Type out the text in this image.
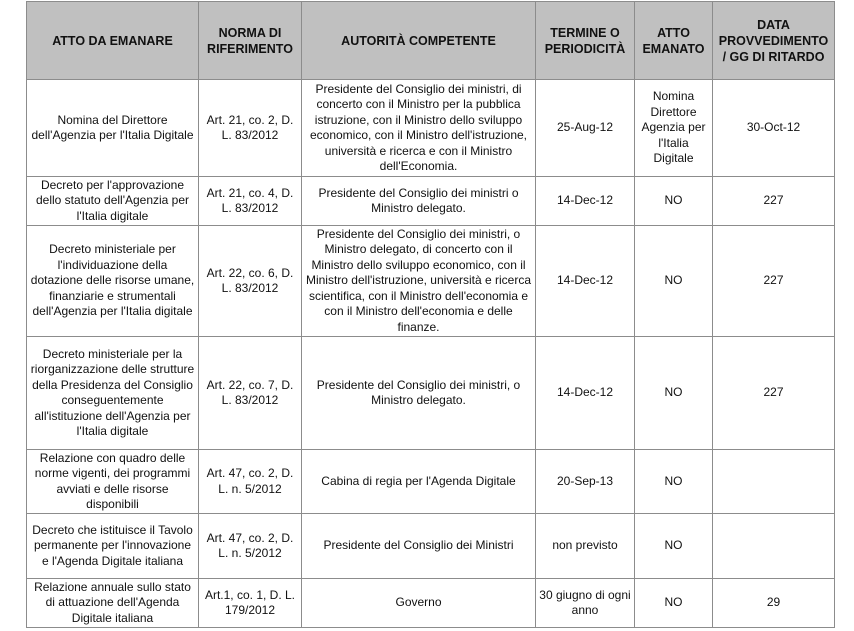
ATTO DA EMANARE	NORMA DI RIFERIMENTO	AUTORITÀ COMPETENTE	TERMINE O PERIODICITÀ	ATTO EMANATO	DATA PROVVEDIMENTO / GG DI RITARDO
Nomina del Direttore dell'Agenzia per l'Italia Digitale	Art. 21, co. 2, D. L. 83/2012	Presidente del Consiglio dei ministri, di concerto con il Ministro per la pubblica istruzione, con il Ministro dello sviluppo economico, con il Ministro dell'istruzione, università e ricerca e con il Ministro dell'Economia.	25-Aug-12	Nomina Direttore Agenzia per l'Italia Digitale	30-Oct-12
Decreto per l'approvazione dello statuto dell'Agenzia per l'Italia digitale	Art. 21, co. 4, D. L. 83/2012	Presidente del Consiglio dei ministri o Ministro delegato.	14-Dec-12	NO	227
Decreto ministeriale per l'individuazione della dotazione delle risorse umane, finanziarie e strumentali dell'Agenzia per l'Italia digitale	Art. 22, co. 6, D. L. 83/2012	Presidente del Consiglio dei ministri, o Ministro delegato, di concerto con il Ministro dello sviluppo economico, con il Ministro dell'istruzione, università e ricerca scientifica, con il Ministro dell'economia e con il Ministro dell'economia e delle finanze.	14-Dec-12	NO	227
Decreto ministeriale per la riorganizzazione delle strutture della Presidenza del Consiglio conseguentemente all'istituzione dell'Agenzia per l'Italia digitale	Art. 22, co. 7, D. L. 83/2012	Presidente del Consiglio dei ministri, o Ministro delegato.	14-Dec-12	NO	227
Relazione con quadro delle norme vigenti, dei programmi avviati e delle risorse disponibili	Art. 47, co. 2, D. L. n. 5/2012	Cabina di regia per l'Agenda Digitale	20-Sep-13	NO	
Decreto che istituisce il Tavolo permanente per l'innovazione e l'Agenda Digitale italiana	Art. 47, co. 2, D. L. n. 5/2012	Presidente del Consiglio dei Ministri	non previsto	NO	
Relazione annuale sullo stato di attuazione dell'Agenda Digitale italiana	Art.1, co. 1, D. L. 179/2012	Governo	30 giugno di ogni anno	NO	29
